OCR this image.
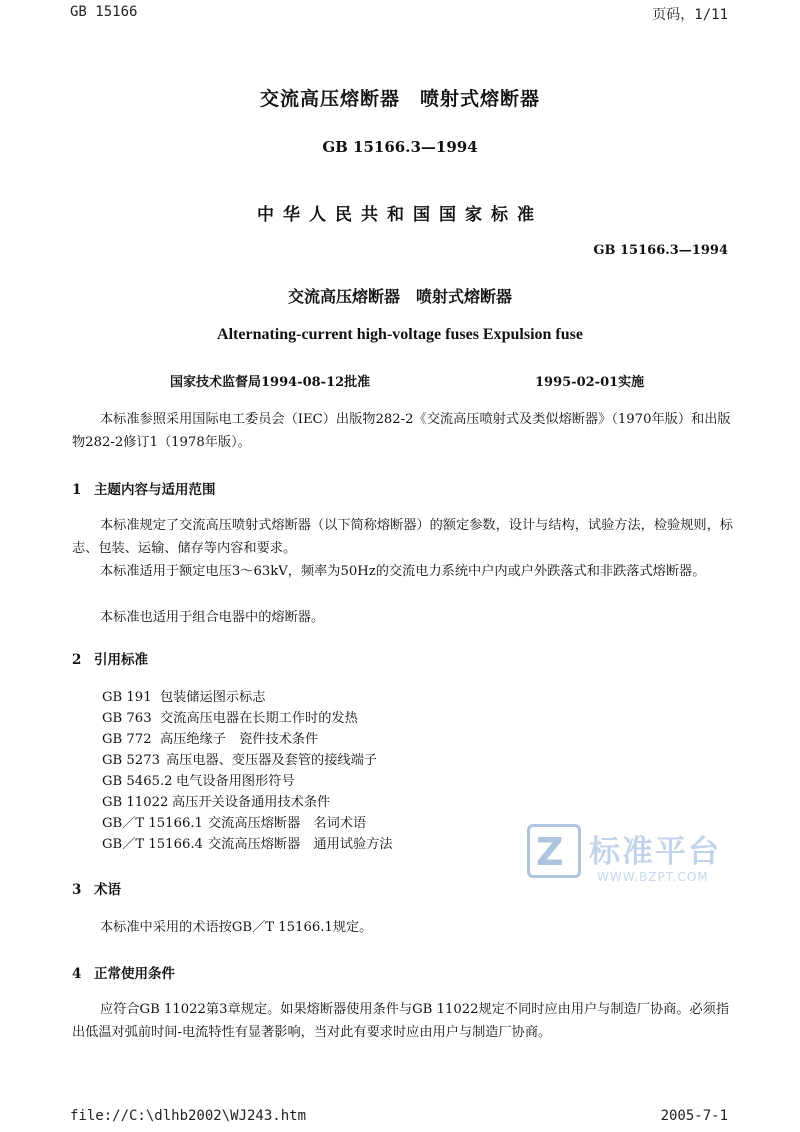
GB 15166	页码，1/11
交流高压熔断器　喷射式熔断器
GB 15166.3—1994
中华人民共和国国家标准
GB 15166.3—1994
交流高压熔断器　喷射式熔断器
Alternating-current high-voltage fuses Expulsion fuse
国家技术监督局1994-08-12批准	1995-02-01实施

本标准参照采用国际电工委员会（IEC）出版物282-2《交流高压喷射式及类似熔断器》（1970年版）和出版物282-2修订1（1978年版）。

1 主题内容与适用范围

本标准规定了交流高压喷射式熔断器（以下简称熔断器）的额定参数，设计与结构，试验方法，检验规则，标志、包装、运输、储存等内容和要求。

本标准适用于额定电压3～63kV，频率为50Hz的交流电力系统中户内或户外跌落式和非跌落式熔断器。

本标准也适用于组合电器中的熔断器。

2 引用标准
GB 191 包装储运图示标志
GB 763 交流高压电器在长期工作时的发热
GB 772 高压绝缘子　瓷件技术条件
GB 5273 高压电器、变压器及套管的接线端子
GB 5465.2 电气设备用图形符号
GB 11022 高压开关设备通用技术条件
GB／T 15166.1 交流高压熔断器　名词术语
GB／T 15166.4 交流高压熔断器　通用试验方法	Z 标准平台
WWW.BZPT.COM
3 术语

本标准中采用的术语按GB／T 15166.1规定。

4 正常使用条件

应符合GB 11022第3章规定。如果熔断器使用条件与GB 11022规定不同时应由用户与制造厂协商。必须指出低温对弧前时间-电流特性有显著影响，当对此有要求时应由用户与制造厂协商。

file://C:\dlhb2002\WJ243.htm	2005-7-1
